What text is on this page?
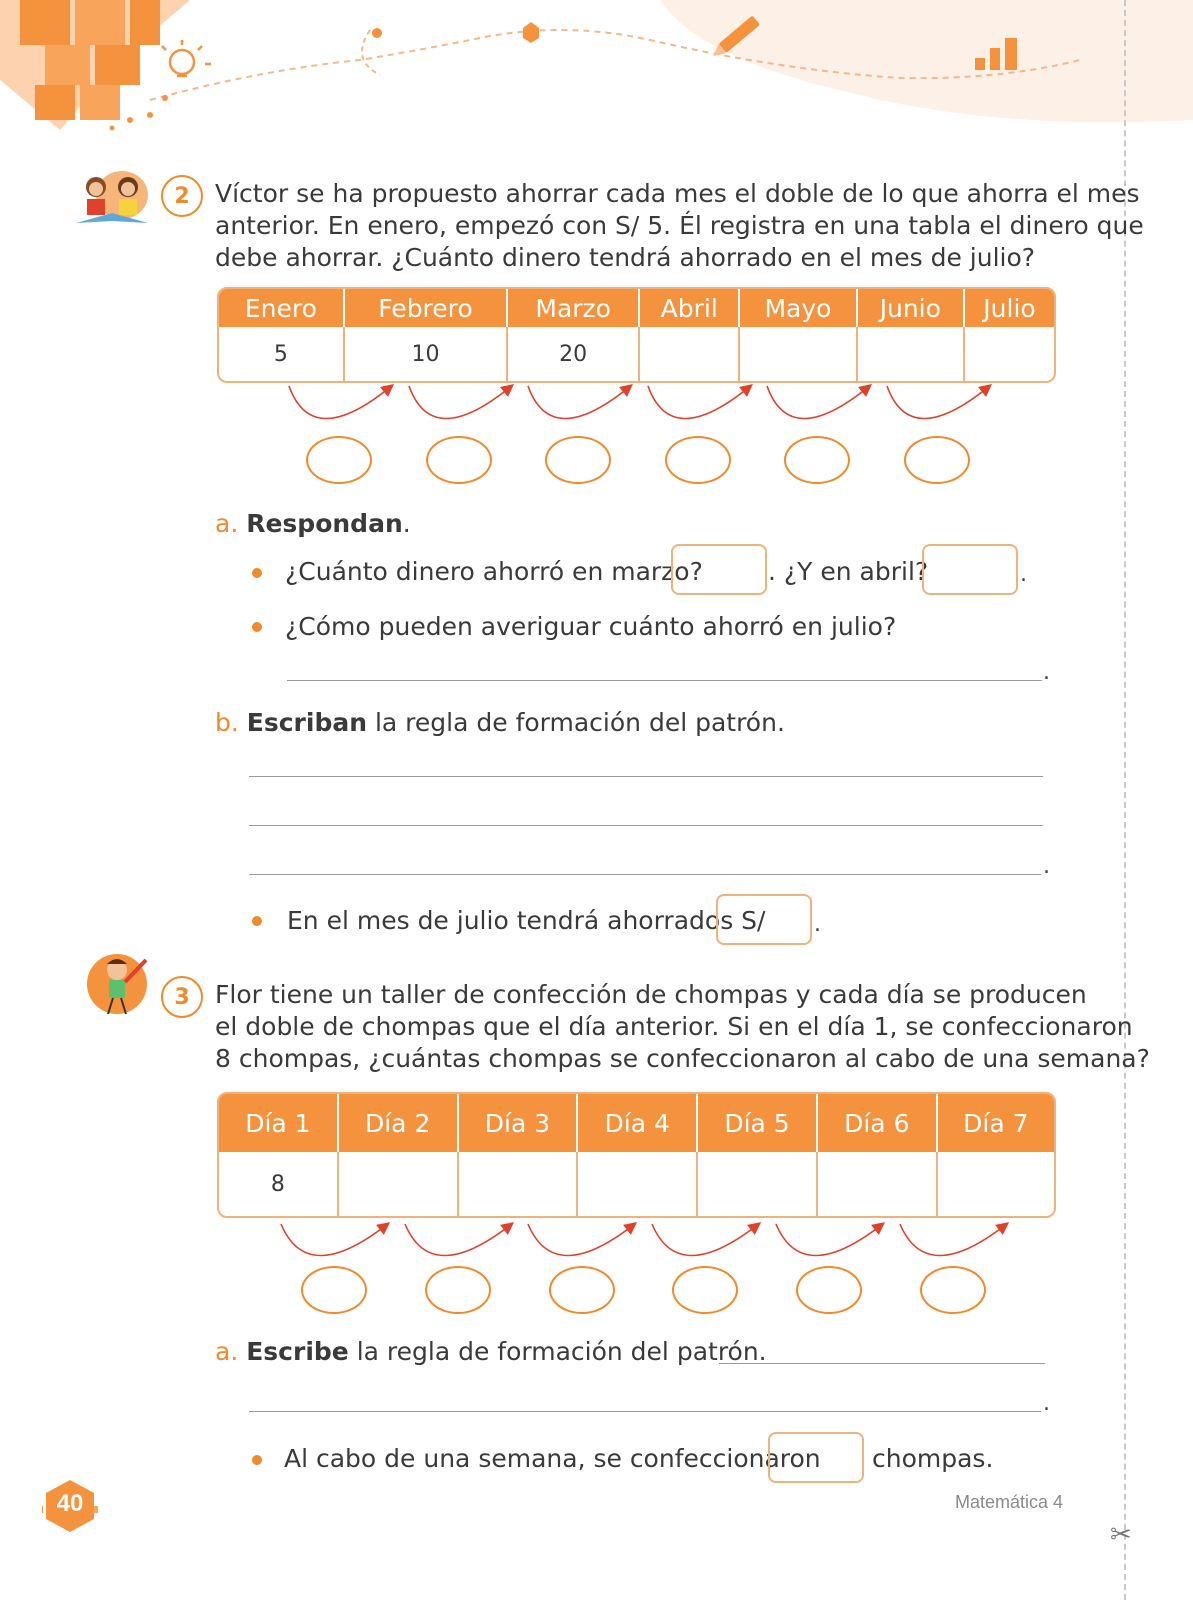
✂
2	Víctor se ha propuesto ahorrar cada mes el doble de lo que ahorra el mes
anterior. En enero, empezó con S/ 5. Él registra en una tabla el dinero que
debe ahorrar. ¿Cuánto dinero tendrá ahorrado en el mes de julio?
Enero	Febrero	Marzo	Abril	Mayo	Junio	Julio
5	10	20				
a. Respondan.
¿Cuánto dinero ahorró en marzo?	. ¿Y en abril?	.
¿Cómo pueden averiguar cuánto ahorró en julio?
.
b. Escriban la regla de formación del patrón.
.
En el mes de julio tendrá ahorrados S/ .
3	Flor tiene un taller de confección de chompas y cada día se producen
el doble de chompas que el día anterior. Si en el día 1, se confeccionaron
8 chompas, ¿cuántas chompas se confeccionaron al cabo de una semana?
Día 1	Día 2	Día 3	Día 4	Día 5	Día 6	Día 7
8						
a. Escribe la regla de formación del patrón.
.
Al cabo de una semana, se confeccionaron chompas.
40	Matemática 4
